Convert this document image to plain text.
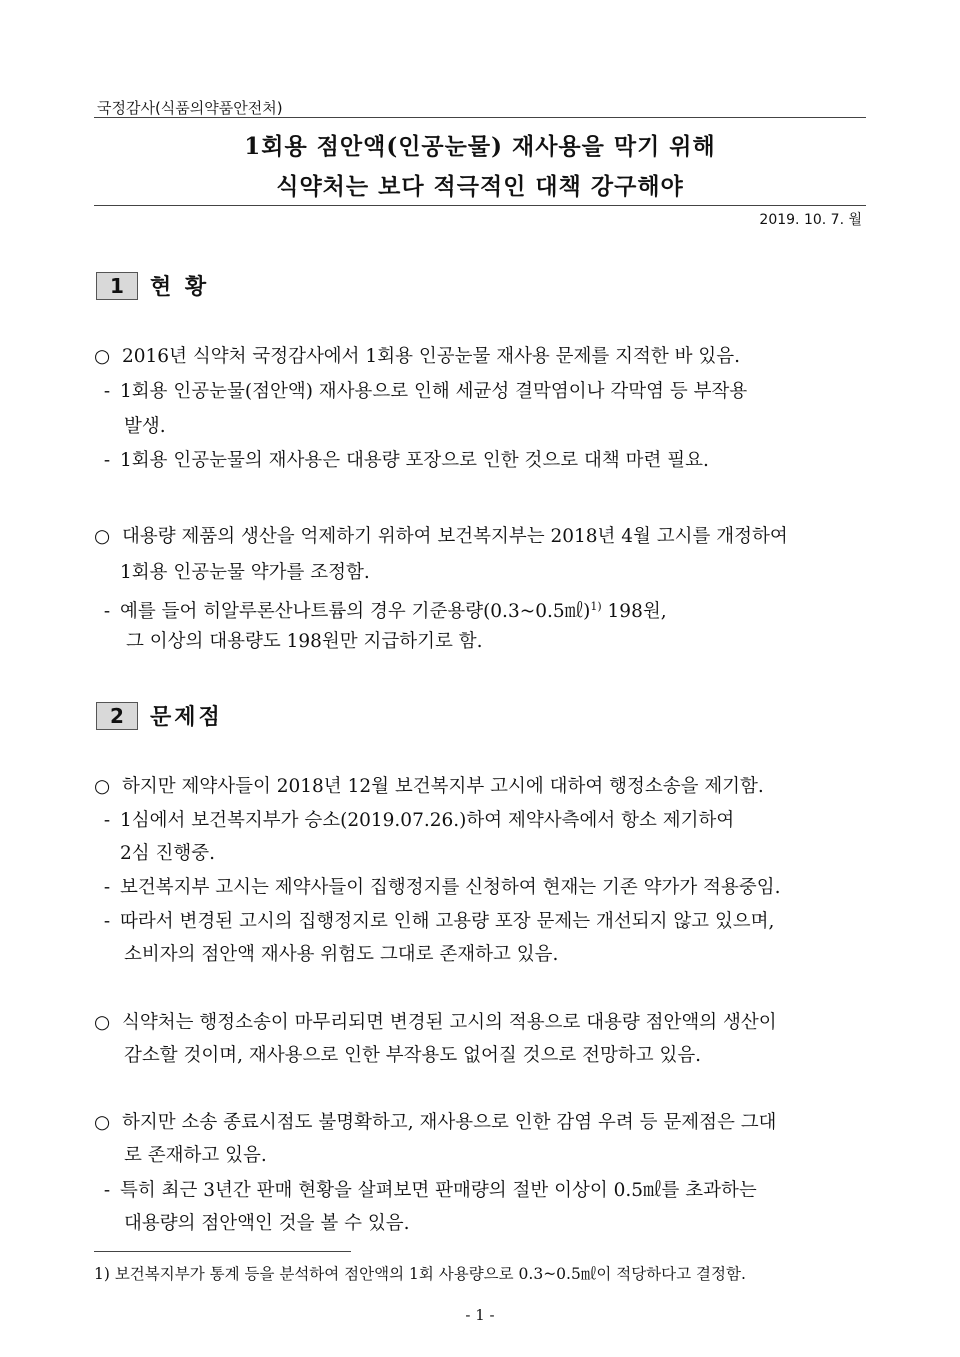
국정감사(식품의약품안전처)
1회용 점안액(인공눈물) 재사용을 막기 위해
식약처는 보다 적극적인 대책 강구해야
2019. 10. 7. 월
1	현 황
○ 2016년 식약처 국정감사에서 1회용 인공눈물 재사용 문제를 지적한 바 있음.
- 1회용 인공눈물(점안액) 재사용으로 인해 세균성 결막염이나 각막염 등 부작용
발생.
- 1회용 인공눈물의 재사용은 대용량 포장으로 인한 것으로 대책 마련 필요.
○ 대용량 제품의 생산을 억제하기 위하여 보건복지부는 2018년 4월 고시를 개정하여
1회용 인공눈물 약가를 조정함.
- 예를 들어 히알루론산나트륨의 경우 기준용량(0.3~0.5㎖)$^{1)}$ 198원,
그 이상의 대용량도 198원만 지급하기로 함.
2	문제점
○ 하지만 제약사들이 2018년 12월 보건복지부 고시에 대하여 행정소송을 제기함.
- 1심에서 보건복지부가 승소(2019.07.26.)하여 제약사측에서 항소 제기하여
2심 진행중.
- 보건복지부 고시는 제약사들이 집행정지를 신청하여 현재는 기존 약가가 적용중임.
- 따라서 변경된 고시의 집행정지로 인해 고용량 포장 문제는 개선되지 않고 있으며,
소비자의 점안액 재사용 위험도 그대로 존재하고 있음.
○ 식약처는 행정소송이 마무리되면 변경된 고시의 적용으로 대용량 점안액의 생산이
감소할 것이며, 재사용으로 인한 부작용도 없어질 것으로 전망하고 있음.
○ 하지만 소송 종료시점도 불명확하고, 재사용으로 인한 감염 우려 등 문제점은 그대
로 존재하고 있음.
- 특히 최근 3년간 판매 현황을 살펴보면 판매량의 절반 이상이 0.5㎖를 초과하는
대용량의 점안액인 것을 볼 수 있음.
1) 보건복지부가 통계 등을 분석하여 점안액의 1회 사용량으로 0.3~0.5㎖이 적당하다고 결정함.
- 1 -
